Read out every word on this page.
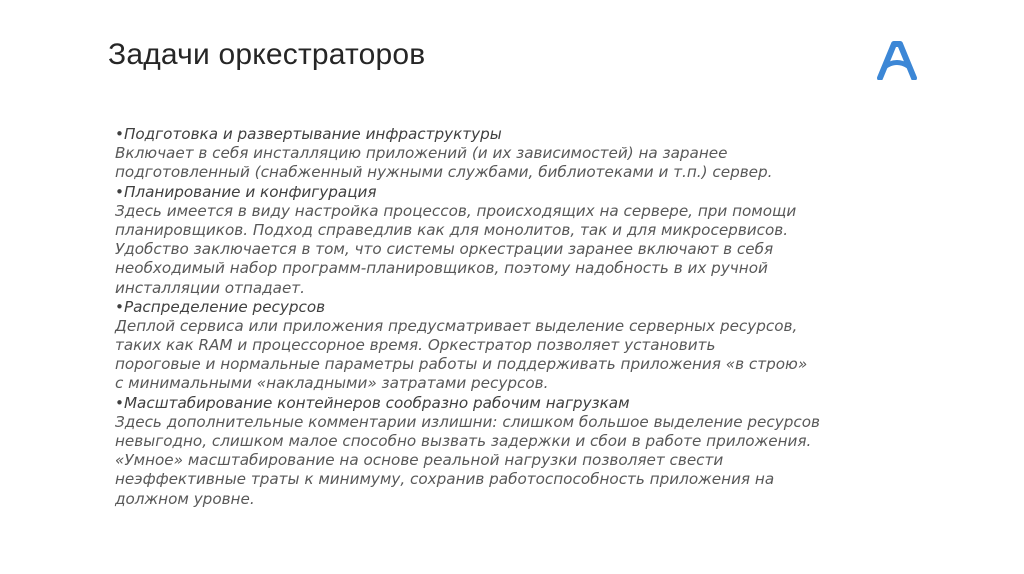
Задачи оркестраторов
•Подготовка и развертывание инфраструктуры
Включает в себя инсталляцию приложений (и их зависимостей) на заранее
подготовленный (снабженный нужными службами, библиотеками и т.п.) сервер.
•Планирование и конфигурация
Здесь имеется в виду настройка процессов, происходящих на сервере, при помощи
планировщиков. Подход справедлив как для монолитов, так и для микросервисов.
Удобство заключается в том, что системы оркестрации заранее включают в себя
необходимый набор программ-планировщиков, поэтому надобность в их ручной
инсталляции отпадает.
•Распределение ресурсов
Деплой сервиса или приложения предусматривает выделение серверных ресурсов,
таких как RAM и процессорное время. Оркестратор позволяет установить
пороговые и нормальные параметры работы и поддерживать приложения «в строю»
с минимальными «накладными» затратами ресурсов.
•Масштабирование контейнеров сообразно рабочим нагрузкам
Здесь дополнительные комментарии излишни: слишком большое выделение ресурсов
невыгодно, слишком малое способно вызвать задержки и сбои в работе приложения.
«Умное» масштабирование на основе реальной нагрузки позволяет свести
неэффективные траты к минимуму, сохранив работоспособность приложения на
должном уровне.
